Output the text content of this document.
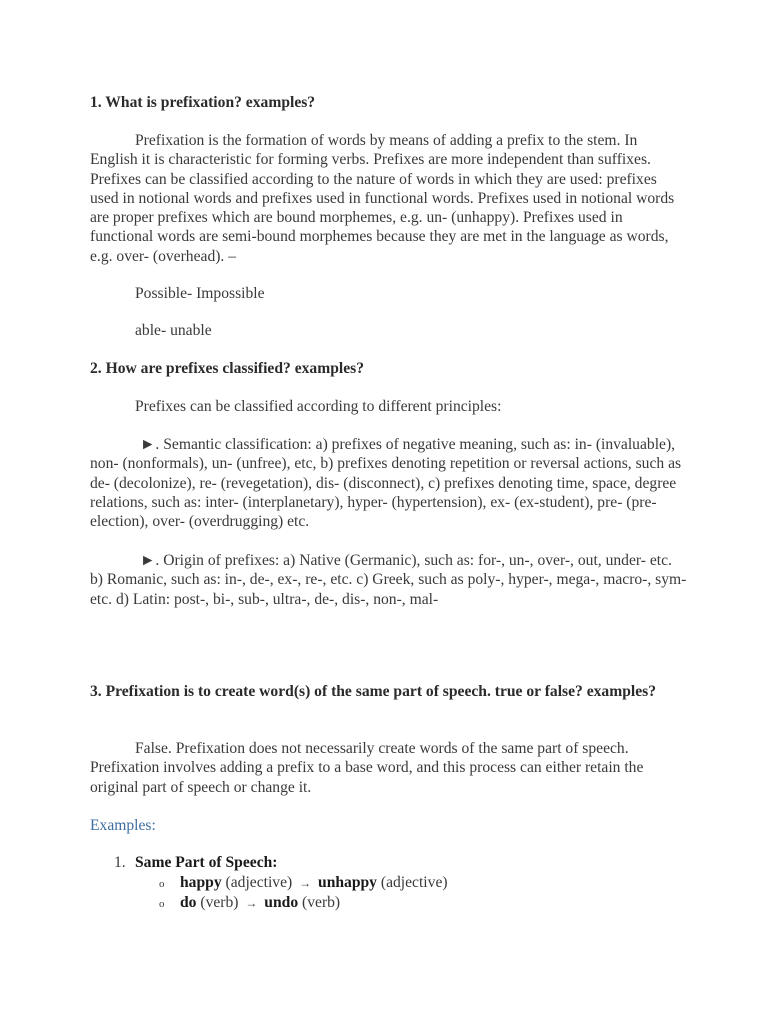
1. What is prefixation? examples?

Prefixation is the formation of words by means of adding a prefix to the stem. In English it is characteristic for forming verbs. Prefixes are more independent than suffixes. Prefixes can be classified according to the nature of words in which they are used: prefixes used in notional words and prefixes used in functional words. Prefixes used in notional words are proper prefixes which are bound morphemes, e.g. un- (unhappy). Prefixes used in functional words are semi-bound morphemes because they are met in the language as words, e.g. over- (overhead). –

Possible- Impossible

able- unable

2. How are prefixes classified? examples?

Prefixes can be classified according to different principles:

►. Semantic classification: a) prefixes of negative meaning, such as: in- (invaluable), non- (nonformals), un- (unfree), etc, b) prefixes denoting repetition or reversal actions, such as de- (decolonize), re- (revegetation), dis- (disconnect), c) prefixes denoting time, space, degree relations, such as: inter- (interplanetary), hyper- (hypertension), ex- (ex-student), pre- (pre-election), over- (overdrugging) etc.

►. Origin of prefixes: a) Native (Germanic), such as: for-, un-, over-, out, under- etc. b) Romanic, such as: in-, de-, ex-, re-, etc. c) Greek, such as poly-, hyper-, mega-, macro-, sym- etc. d) Latin: post-, bi-, sub-, ultra-, de-, dis-, non-, mal-

3. Prefixation is to create word(s) of the same part of speech. true or false? examples?

False. Prefixation does not necessarily create words of the same part of speech. Prefixation involves adding a prefix to a base word, and this process can either retain the original part of speech or change it.

Examples:

1. Same Part of Speech:

o happy (adjective) → unhappy (adjective)

o do (verb) → undo (verb)
